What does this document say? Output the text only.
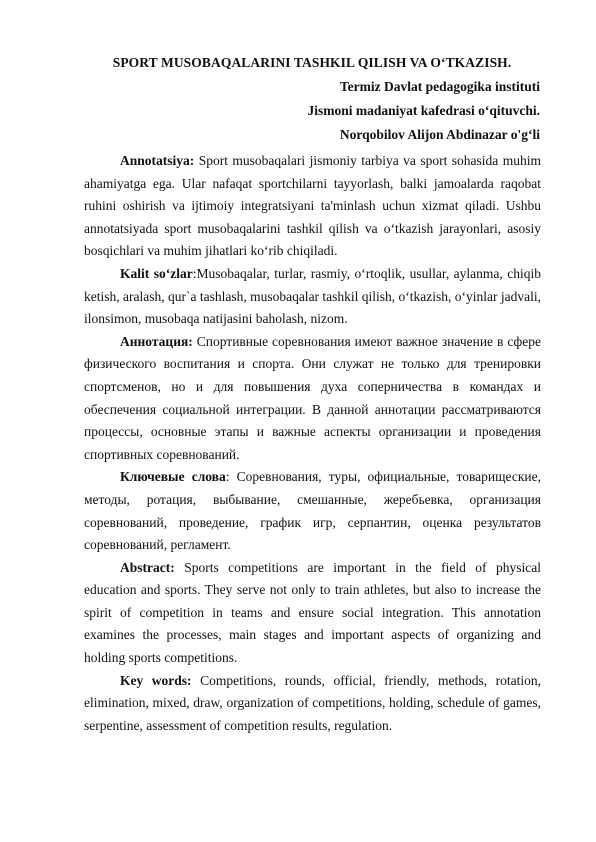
SPORT MUSOBAQALARINI TASHKIL QILISH VA O‘TKAZISH.
Termiz Davlat pedagogika instituti
Jismoni madaniyat kafedrasi o‘qituvchi.
Norqobilov Alijon Abdinazar o'g‘li

Annotatsiya: Sport musobaqalari jismoniy tarbiya va sport sohasida muhim ahamiyatga ega. Ular nafaqat sportchilarni tayyorlash, balki jamoalarda raqobat ruhini oshirish va ijtimoiy integratsiyani ta'minlash uchun xizmat qiladi. Ushbu annotatsiyada sport musobaqalarini tashkil qilish va o‘tkazish jarayonlari, asosiy bosqichlari va muhim jihatlari ko‘rib chiqiladi.

Kalit so‘zlar:Musobaqalar, turlar, rasmiy, o‘rtoqlik, usullar, aylanma, chiqib ketish, aralash, qur`a tashlash, musobaqalar tashkil qilish, o‘tkazish, o‘yinlar jadvali, ilonsimon, musobaqa natijasini baholash, nizom.

Аннотация: Спортивные соревнования имеют важное значение в сфере физического воспитания и спорта. Они служат не только для тренировки спортсменов, но и для повышения духа соперничества в командах и обеспечения социальной интеграции. В данной аннотации рассматриваются процессы, основные этапы и важные аспекты организации и проведения спортивных соревнований.

Ключевые слова: Соревнования, туры, официальные, товарищеские, методы, ротация, выбывание, смешанные, жеребьевка, организация соревнований, проведение, график игр, серпантин, оценка результатов соревнований, регламент.

Abstract: Sports competitions are important in the field of physical education and sports. They serve not only to train athletes, but also to increase the spirit of competition in teams and ensure social integration. This annotation examines the processes, main stages and important aspects of organizing and holding sports competitions.

Key words: Competitions, rounds, official, friendly, methods, rotation, elimination, mixed, draw, organization of competitions, holding, schedule of games, serpentine, assessment of competition results, regulation.
